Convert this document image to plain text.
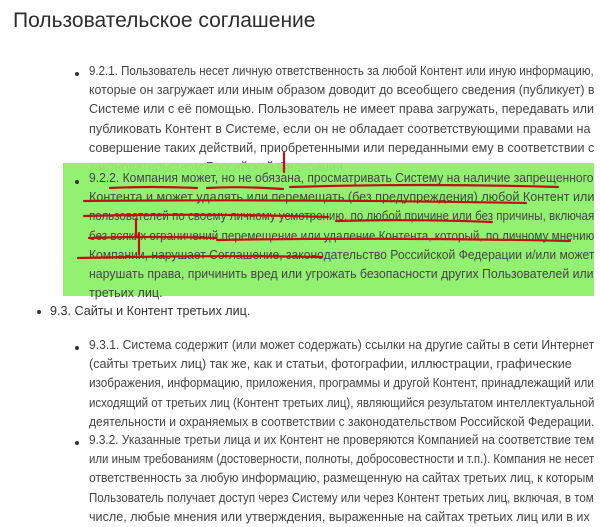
Пользовательское соглашение
9.2.1. Пользователь несет личную ответственность за любой Контент или иную информацию,
которые он загружает или иным образом доводит до всеобщего сведения (публикует) в
Системе или с её помощью. Пользователь не имеет права загружать, передавать или
публиковать Контент в Системе, если он не обладает соответствующими правами на
совершение таких действий, приобретенными или переданными ему в соответствии с
9.2.2. Компания может, но не обязана, просматривать Систему на наличие запрещенного
Контента и может удалять или перемещать (без предупреждения) любой Контент или
пользователей по своему личному усмотрению, по любой причине или без причины, включая
без всяких ограничений перемещение или удаление Контента, который, по личному мнению
Компании, нарушает Соглашение, законодательство Российской Федерации и/или может
нарушать права, причинить вред или угрожать безопасности других Пользователей или
третьих лиц.
9.3. Сайты и Контент третьих лиц.
9.3.1. Система содержит (или может содержать) ссылки на другие сайты в сети Интернет
(сайты третьих лиц) так же, как и статьи, фотографии, иллюстрации, графические
изображения, информацию, приложения, программы и другой Контент, принадлежащий или
исходящий от третьих лиц (Контент третьих лиц), являющийся результатом интеллектуальной
деятельности и охраняемых в соответствии с законодательством Российской Федерации.
9.3.2. Указанные третьи лица и их Контент не проверяются Компанией на соответствие тем
или иным требованиям (достоверности, полноты, добросовестности и т.п.). Компания не несет
ответственность за любую информацию, размещенную на сайтах третьих лиц, к которым
Пользователь получает доступ через Систему или через Контент третьих лиц, включая, в том
числе, любые мнения или утверждения, выраженные на сайтах третьих лиц или в их
